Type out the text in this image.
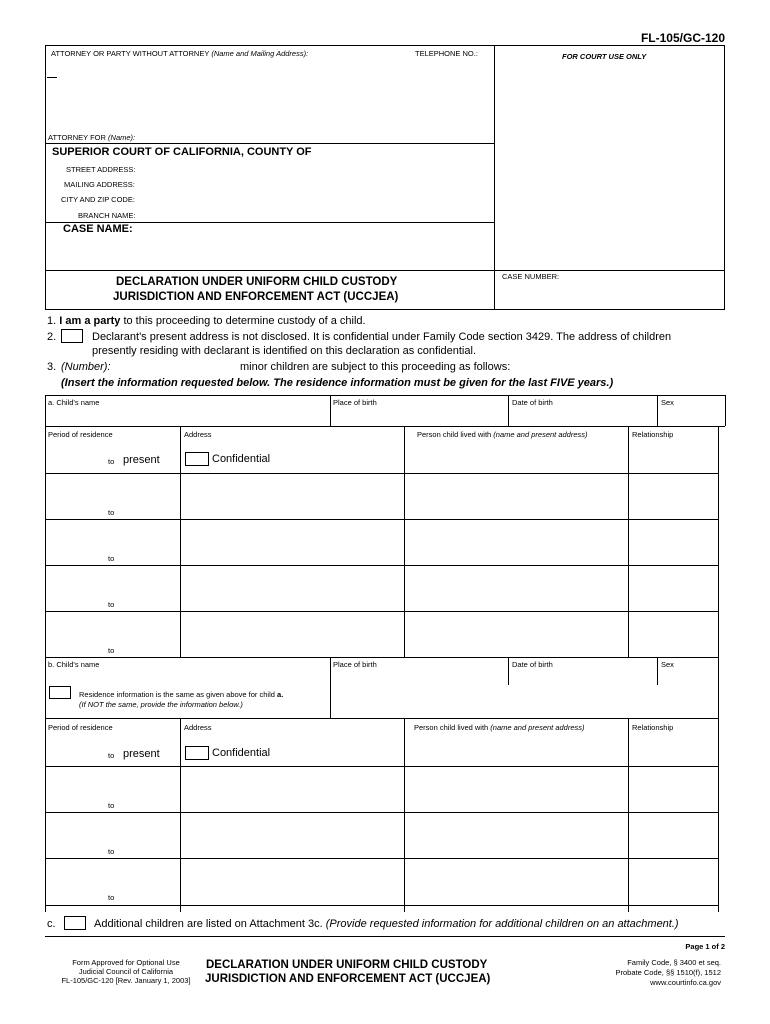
FL-105/GC-120
ATTORNEY OR PARTY WITHOUT ATTORNEY (Name and Mailing Address):	TELEPHONE NO.:	FOR COURT USE ONLY
ATTORNEY FOR (Name):
SUPERIOR COURT OF CALIFORNIA, COUNTY OF
STREET ADDRESS:
MAILING ADDRESS:
CITY AND ZIP CODE:
BRANCH NAME:
CASE NAME:
DECLARATION UNDER UNIFORM CHILD CUSTODY
JURISDICTION AND ENFORCEMENT ACT (UCCJEA)
CASE NUMBER:
1. I am a party to this proceeding to determine custody of a child.
2.	Declarant's present address is not disclosed. It is confidential under Family Code section 3429. The address of children
presently residing with declarant is identified on this declaration as confidential.
3. (Number):	minor children are subject to this proceeding as follows:
(Insert the information requested below. The residence information must be given for the last FIVE years.)
a. Child's name	Place of birth	Date of birth	Sex
Period of residence	Address	Person child lived with (name and present address)	Relationship
to present	Confidential
to
to
to
to
b. Child's name	Place of birth	Date of birth	Sex
Residence information is the same as given above for child a.
(If NOT the same, provide the information below.)
Period of residence	Address	Person child lived with (name and present address)	Relationship
to present	Confidential
to
to
to
c.	Additional children are listed on Attachment 3c. (Provide requested information for additional children on an attachment.)
Page 1 of 2
Form Approved for Optional Use
Judicial Council of California
FL-105/GC-120 [Rev. January 1, 2003]
DECLARATION UNDER UNIFORM CHILD CUSTODY
JURISDICTION AND ENFORCEMENT ACT (UCCJEA)
Family Code, § 3400 et seq.
Probate Code, §§ 1510(f), 1512
www.courtinfo.ca.gov
